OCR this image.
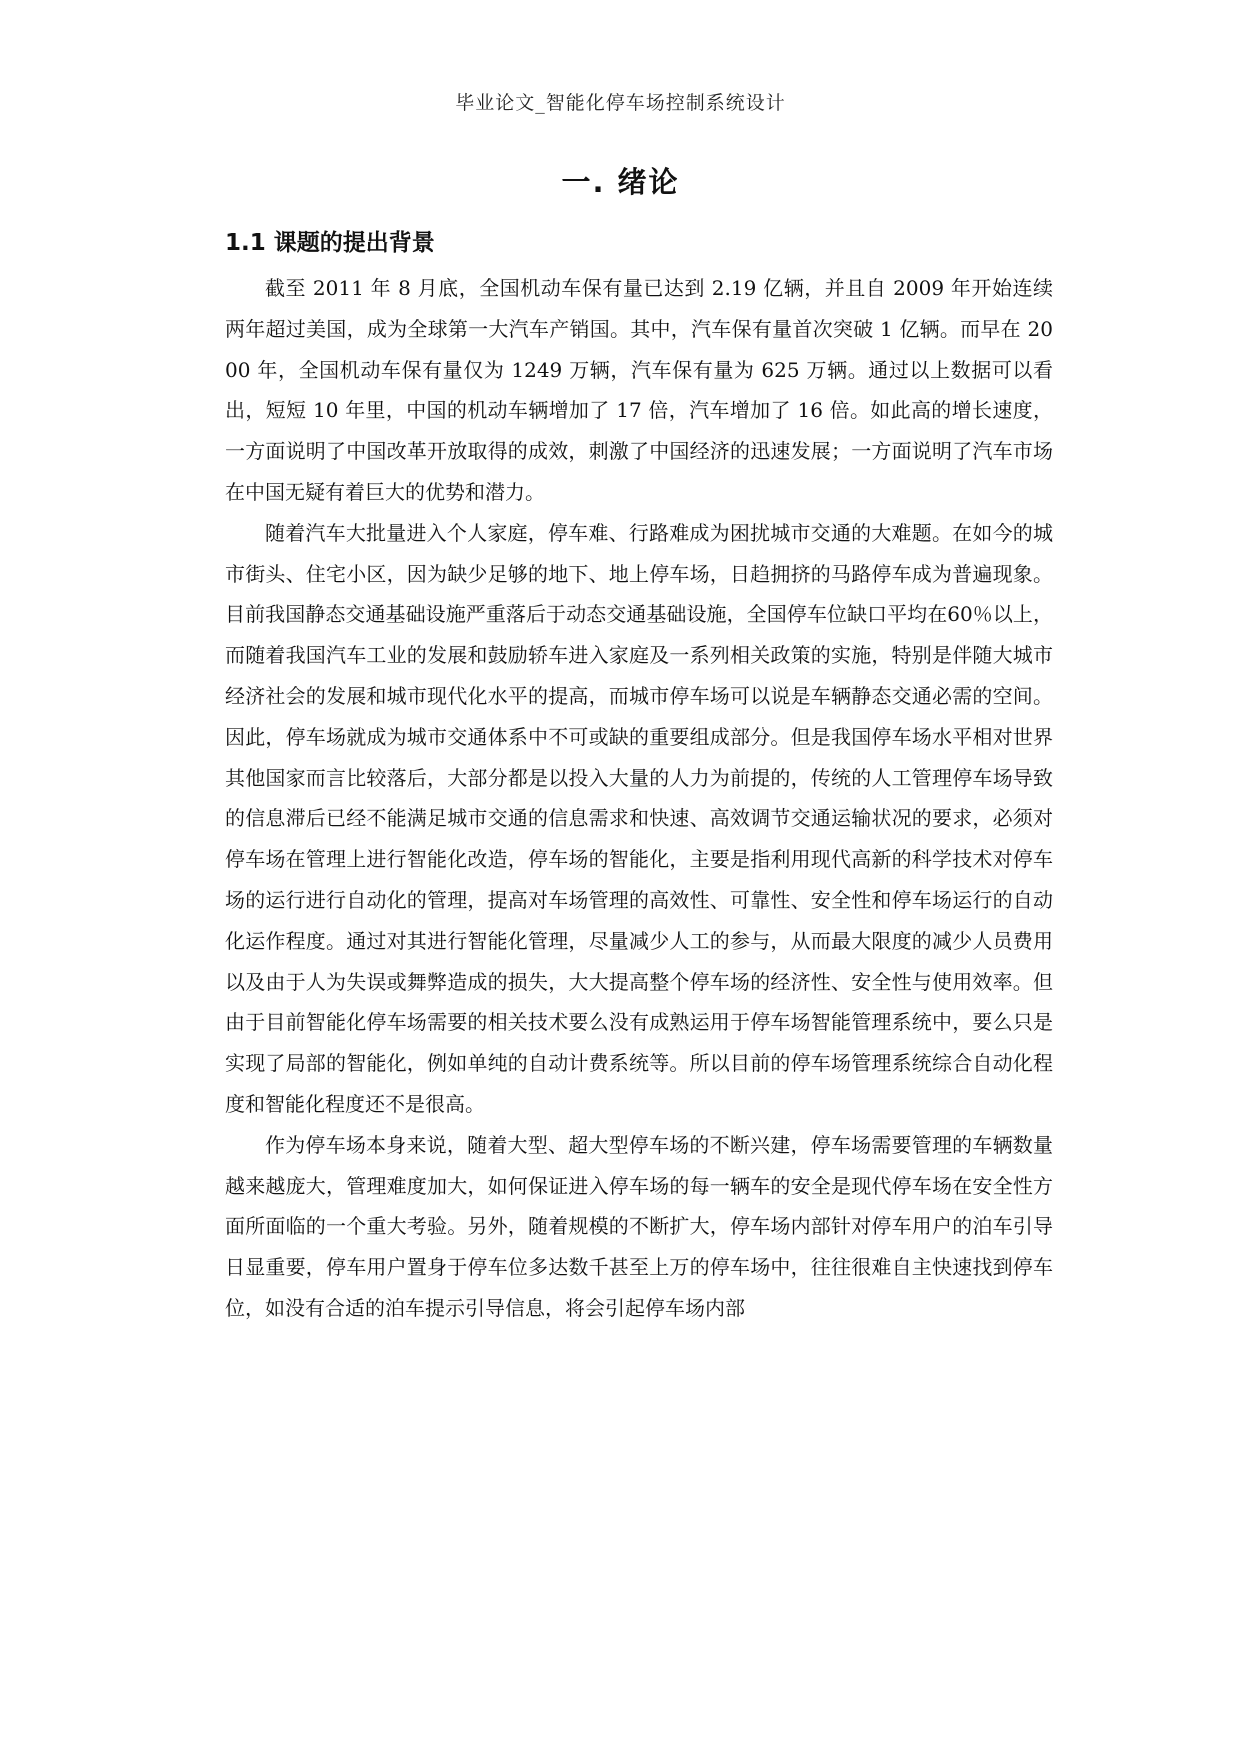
毕业论文_智能化停车场控制系统设计
一. 绪论
1.1 课题的提出背景

截至 2011 年 8 月底，全国机动车保有量已达到 2.19 亿辆，并且自 2009 年开始连续两年超过美国，成为全球第一大汽车产销国。其中，汽车保有量首次突破 1 亿辆。而早在 2000 年，全国机动车保有量仅为 1249 万辆，汽车保有量为 625 万辆。通过以上数据可以看出，短短 10 年里，中国的机动车辆增加了 17 倍，汽车增加了 16 倍。如此高的增长速度，一方面说明了中国改革开放取得的成效，刺激了中国经济的迅速发展；一方面说明了汽车市场在中国无疑有着巨大的优势和潜力。

随着汽车大批量进入个人家庭，停车难、行路难成为困扰城市交通的大难题。在如今的城市街头、住宅小区，因为缺少足够的地下、地上停车场，日趋拥挤的马路停车成为普遍现象。目前我国静态交通基础设施严重落后于动态交通基础设施，全国停车位缺口平均在60％以上，而随着我国汽车工业的发展和鼓励轿车进入家庭及一系列相关政策的实施，特别是伴随大城市经济社会的发展和城市现代化水平的提高，而城市停车场可以说是车辆静态交通必需的空间。因此，停车场就成为城市交通体系中不可或缺的重要组成部分。但是我国停车场水平相对世界其他国家而言比较落后，大部分都是以投入大量的人力为前提的，传统的人工管理停车场导致的信息滞后已经不能满足城市交通的信息需求和快速、高效调节交通运输状况的要求，必须对停车场在管理上进行智能化改造，停车场的智能化，主要是指利用现代高新的科学技术对停车场的运行进行自动化的管理，提高对车场管理的高效性、可靠性、安全性和停车场运行的自动化运作程度。通过对其进行智能化管理，尽量减少人工的参与，从而最大限度的减少人员费用以及由于人为失误或舞弊造成的损失，大大提高整个停车场的经济性、安全性与使用效率。但由于目前智能化停车场需要的相关技术要么没有成熟运用于停车场智能管理系统中，要么只是实现了局部的智能化，例如单纯的自动计费系统等。所以目前的停车场管理系统综合自动化程度和智能化程度还不是很高。

作为停车场本身来说，随着大型、超大型停车场的不断兴建，停车场需要管理的车辆数量越来越庞大，管理难度加大，如何保证进入停车场的每一辆车的安全是现代停车场在安全性方面所面临的一个重大考验。另外，随着规模的不断扩大，停车场内部针对停车用户的泊车引导日显重要，停车用户置身于停车位多达数千甚至上万的停车场中，往往很难自主快速找到停车位，如没有合适的泊车提示引导信息，将会引起停车场内部
